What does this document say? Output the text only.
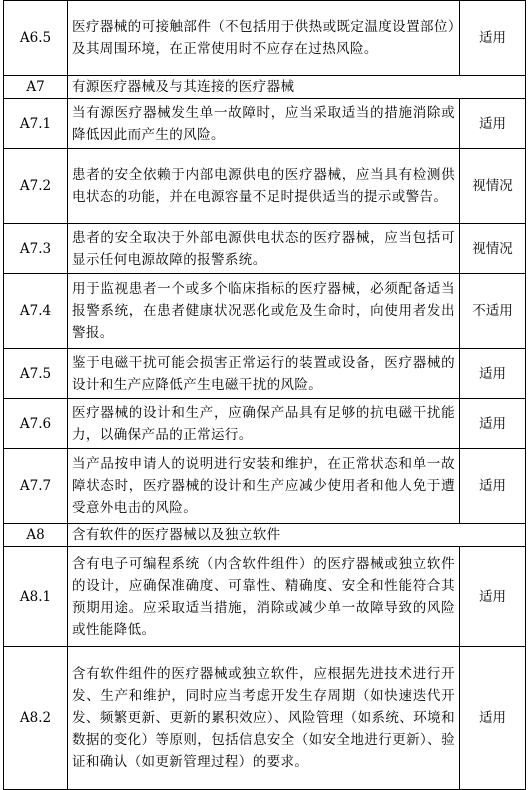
A6.5	医疗器械的可接触部件（不包括用于供热或既定温度设置部位）及其周围环境，在正常使用时不应存在过热风险。	适用
A7	有源医疗器械及与其连接的医疗器械	
A7.1	当有源医疗器械发生单一故障时，应当采取适当的措施消除或降低因此而产生的风险。	适用
A7.2	患者的安全依赖于内部电源供电的医疗器械，应当具有检测供电状态的功能，并在电源容量不足时提供适当的提示或警告。	视情况
A7.3	患者的安全取决于外部电源供电状态的医疗器械，应当包括可显示任何电源故障的报警系统。	视情况
A7.4	用于监视患者一个或多个临床指标的医疗器械，必须配备适当报警系统，在患者健康状况恶化或危及生命时，向使用者发出警报。	不适用
A7.5	鉴于电磁干扰可能会损害正常运行的装置或设备，医疗器械的设计和生产应降低产生电磁干扰的风险。	适用
A7.6	医疗器械的设计和生产，应确保产品具有足够的抗电磁干扰能力，以确保产品的正常运行。	适用
A7.7	当产品按申请人的说明进行安装和维护，在正常状态和单一故障状态时，医疗器械的设计和生产应减少使用者和他人免于遭受意外电击的风险。	适用
A8	含有软件的医疗器械以及独立软件	
A8.1	含有电子可编程系统（内含软件组件）的医疗器械或独立软件的设计，应确保准确度、可靠性、精确度、安全和性能符合其预期用途。应采取适当措施，消除或减少单一故障导致的风险或性能降低。	适用
A8.2	含有软件组件的医疗器械或独立软件，应根据先进技术进行开发、生产和维护，同时应当考虑开发生存周期（如快速迭代开发、频繁更新、更新的累积效应）、风险管理（如系统、环境和数据的变化）等原则，包括信息安全（如安全地进行更新）、验证和确认（如更新管理过程）的要求。	适用
